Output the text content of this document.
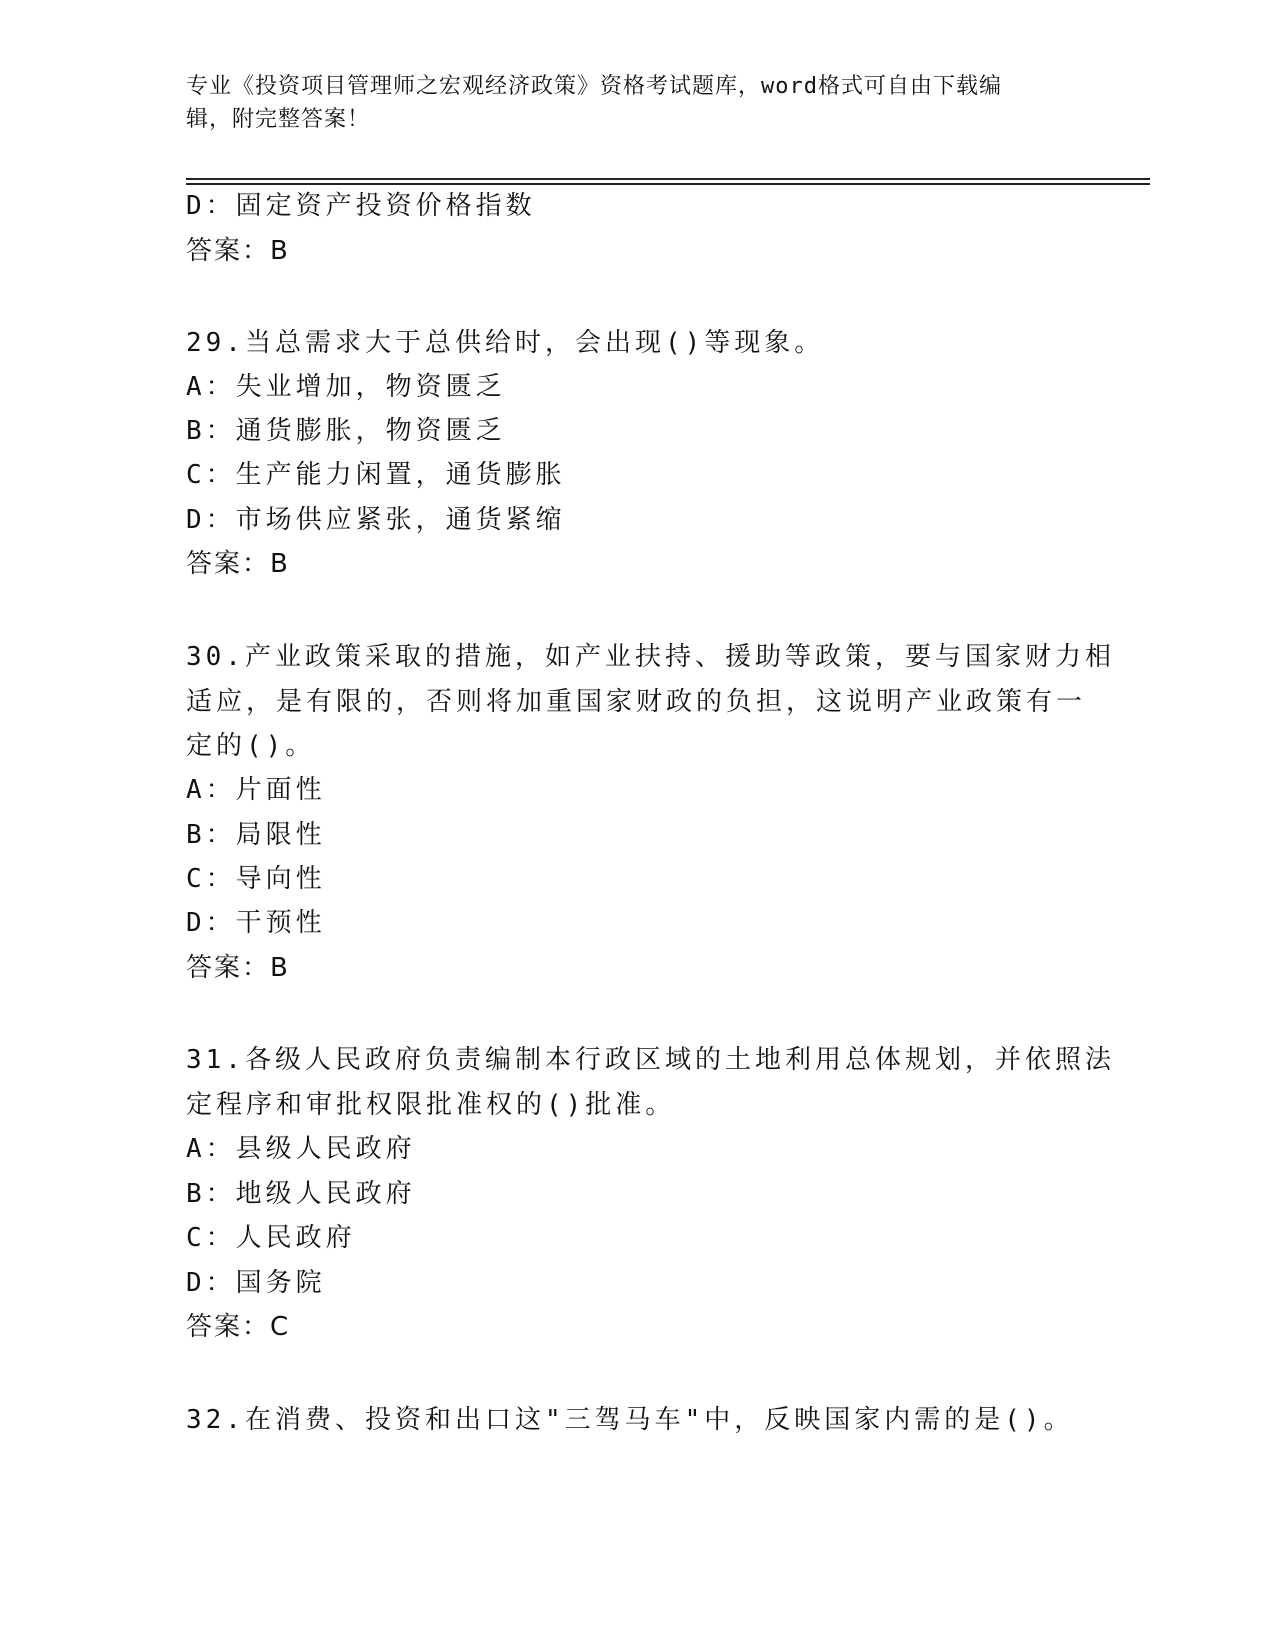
专业《投资项目管理师之宏观经济政策》资格考试题库，word格式可自由下载编
辑，附完整答案！
D：固定资产投资价格指数
答案：B
29.当总需求大于总供给时，会出现()等现象。
A：失业增加，物资匮乏
B：通货膨胀，物资匮乏
C：生产能力闲置，通货膨胀
D：市场供应紧张，通货紧缩
答案：B
30.产业政策采取的措施，如产业扶持、援助等政策，要与国家财力相
适应，是有限的，否则将加重国家财政的负担，这说明产业政策有一
定的()。
A：片面性
B：局限性
C：导向性
D：干预性
答案：B
31.各级人民政府负责编制本行政区域的土地利用总体规划，并依照法
定程序和审批权限批准权的()批准。
A：县级人民政府
B：地级人民政府
C：人民政府
D：国务院
答案：C
32.在消费、投资和出口这"三驾马车"中，反映国家内需的是()。
